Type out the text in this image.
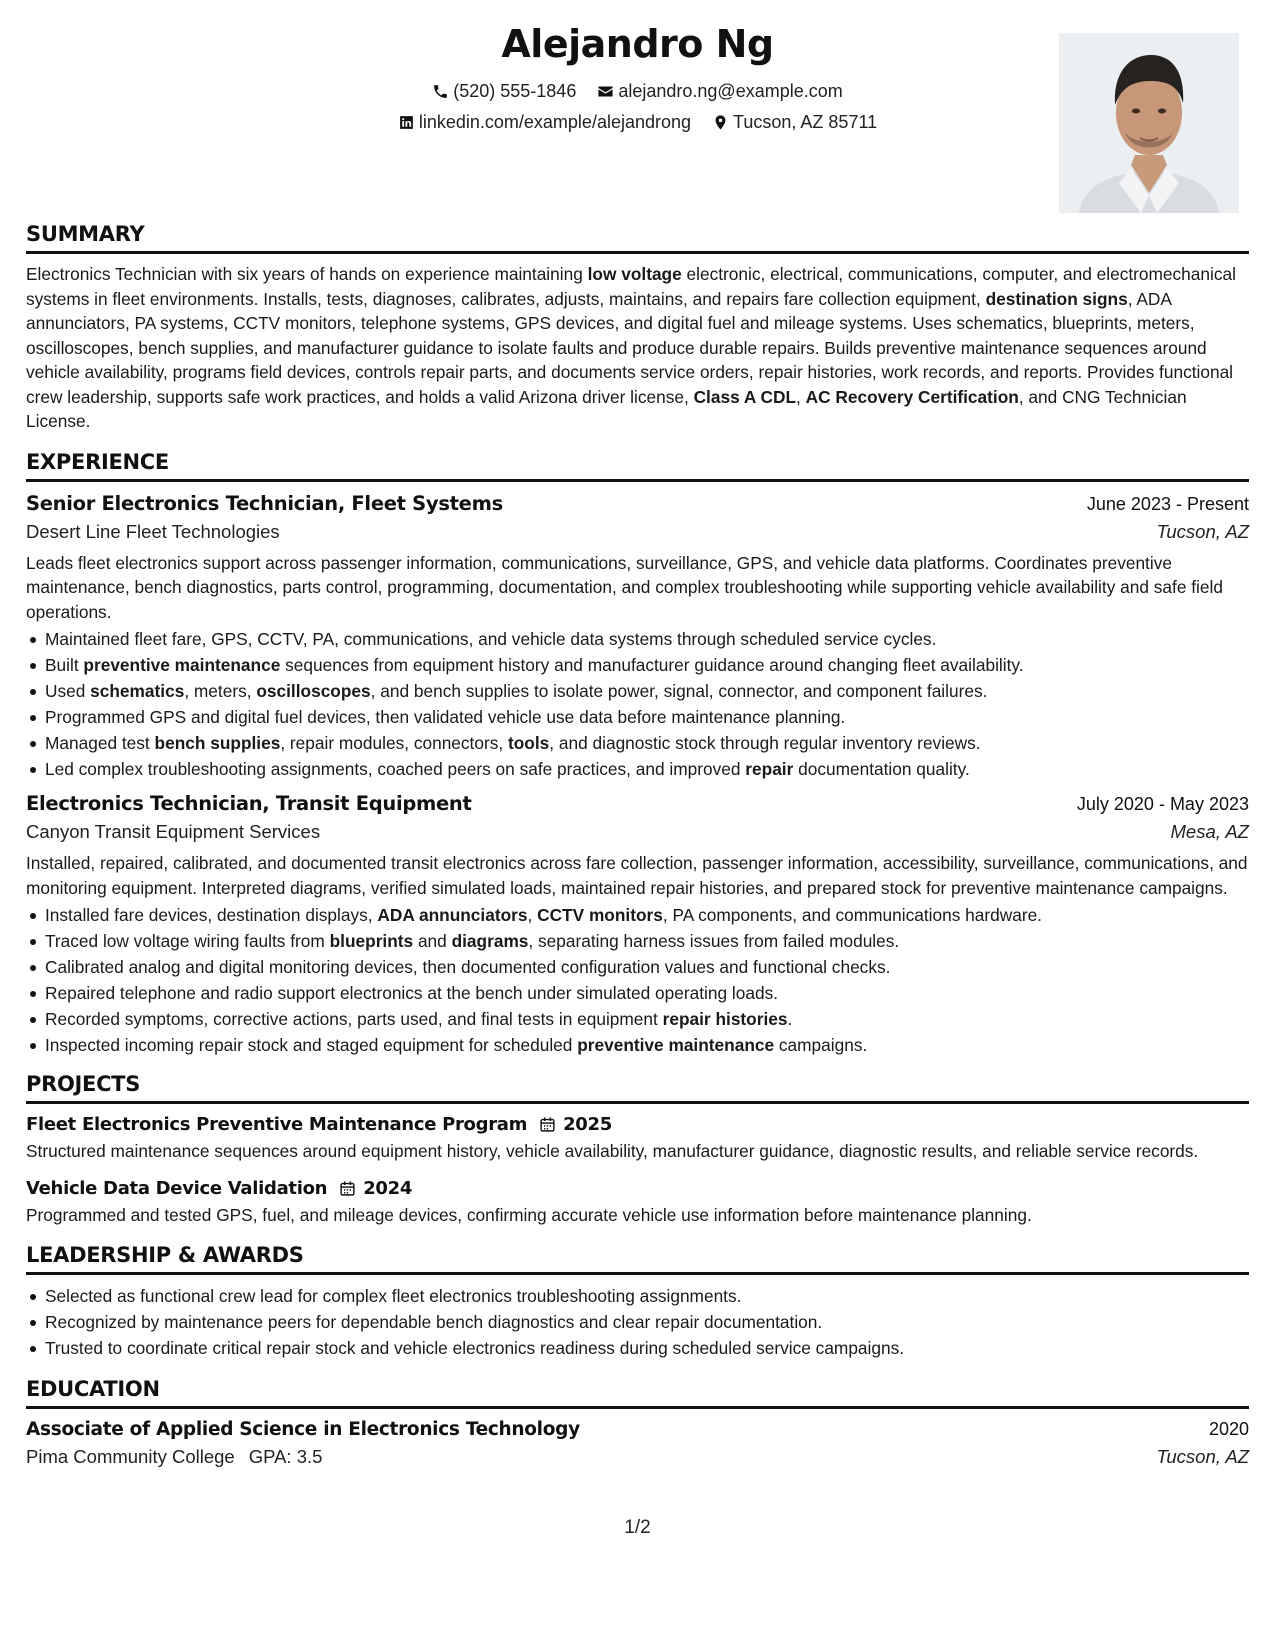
Alejandro Ng
(520) 555-1846
alejandro.ng@example.com
linkedin.com/example/alejandrong
Tucson, AZ 85711
SUMMARY

Electronics Technician with six years of hands on experience maintaining low voltage electronic, electrical, communications, computer, and electromechanical systems in fleet environments. Installs, tests, diagnoses, calibrates, adjusts, maintains, and repairs fare collection equipment, destination signs, ADA annunciators, PA systems, CCTV monitors, telephone systems, GPS devices, and digital fuel and mileage systems. Uses schematics, blueprints, meters, oscilloscopes, bench supplies, and manufacturer guidance to isolate faults and produce durable repairs. Builds preventive maintenance sequences around vehicle availability, programs field devices, controls repair parts, and documents service orders, repair histories, work records, and reports. Provides functional crew leadership, supports safe work practices, and holds a valid Arizona driver license, Class A CDL, AC Recovery Certification, and CNG Technician License.

EXPERIENCE
Senior Electronics Technician, Fleet Systems	June 2023 - Present
Desert Line Fleet Technologies	Tucson, AZ

Leads fleet electronics support across passenger information, communications, surveillance, GPS, and vehicle data platforms. Coordinates preventive maintenance, bench diagnostics, parts control, programming, documentation, and complex troubleshooting while supporting vehicle availability and safe field operations.

Maintained fleet fare, GPS, CCTV, PA, communications, and vehicle data systems through scheduled service cycles.
Built preventive maintenance sequences from equipment history and manufacturer guidance around changing fleet availability.
Used schematics, meters, oscilloscopes, and bench supplies to isolate power, signal, connector, and component failures.
Programmed GPS and digital fuel devices, then validated vehicle use data before maintenance planning.
Managed test bench supplies, repair modules, connectors, tools, and diagnostic stock through regular inventory reviews.
Led complex troubleshooting assignments, coached peers on safe practices, and improved repair documentation quality.
Electronics Technician, Transit Equipment	July 2020 - May 2023
Canyon Transit Equipment Services	Mesa, AZ

Installed, repaired, calibrated, and documented transit electronics across fare collection, passenger information, accessibility, surveillance, communications, and monitoring equipment. Interpreted diagrams, verified simulated loads, maintained repair histories, and prepared stock for preventive maintenance campaigns.

Installed fare devices, destination displays, ADA annunciators, CCTV monitors, PA components, and communications hardware.
Traced low voltage wiring faults from blueprints and diagrams, separating harness issues from failed modules.
Calibrated analog and digital monitoring devices, then documented configuration values and functional checks.
Repaired telephone and radio support electronics at the bench under simulated operating loads.
Recorded symptoms, corrective actions, parts used, and final tests in equipment repair histories.
Inspected incoming repair stock and staged equipment for scheduled preventive maintenance campaigns.
PROJECTS
Fleet Electronics Preventive Maintenance Program 2025

Structured maintenance sequences around equipment history, vehicle availability, manufacturer guidance, diagnostic results, and reliable service records.

Vehicle Data Device Validation 2024

Programmed and tested GPS, fuel, and mileage devices, confirming accurate vehicle use information before maintenance planning.

LEADERSHIP & AWARDS
Selected as functional crew lead for complex fleet electronics troubleshooting assignments.
Recognized by maintenance peers for dependable bench diagnostics and clear repair documentation.
Trusted to coordinate critical repair stock and vehicle electronics readiness during scheduled service campaigns.
EDUCATION
Associate of Applied Science in Electronics Technology	2020
Pima Community College GPA: 3.5	Tucson, AZ
1/2
